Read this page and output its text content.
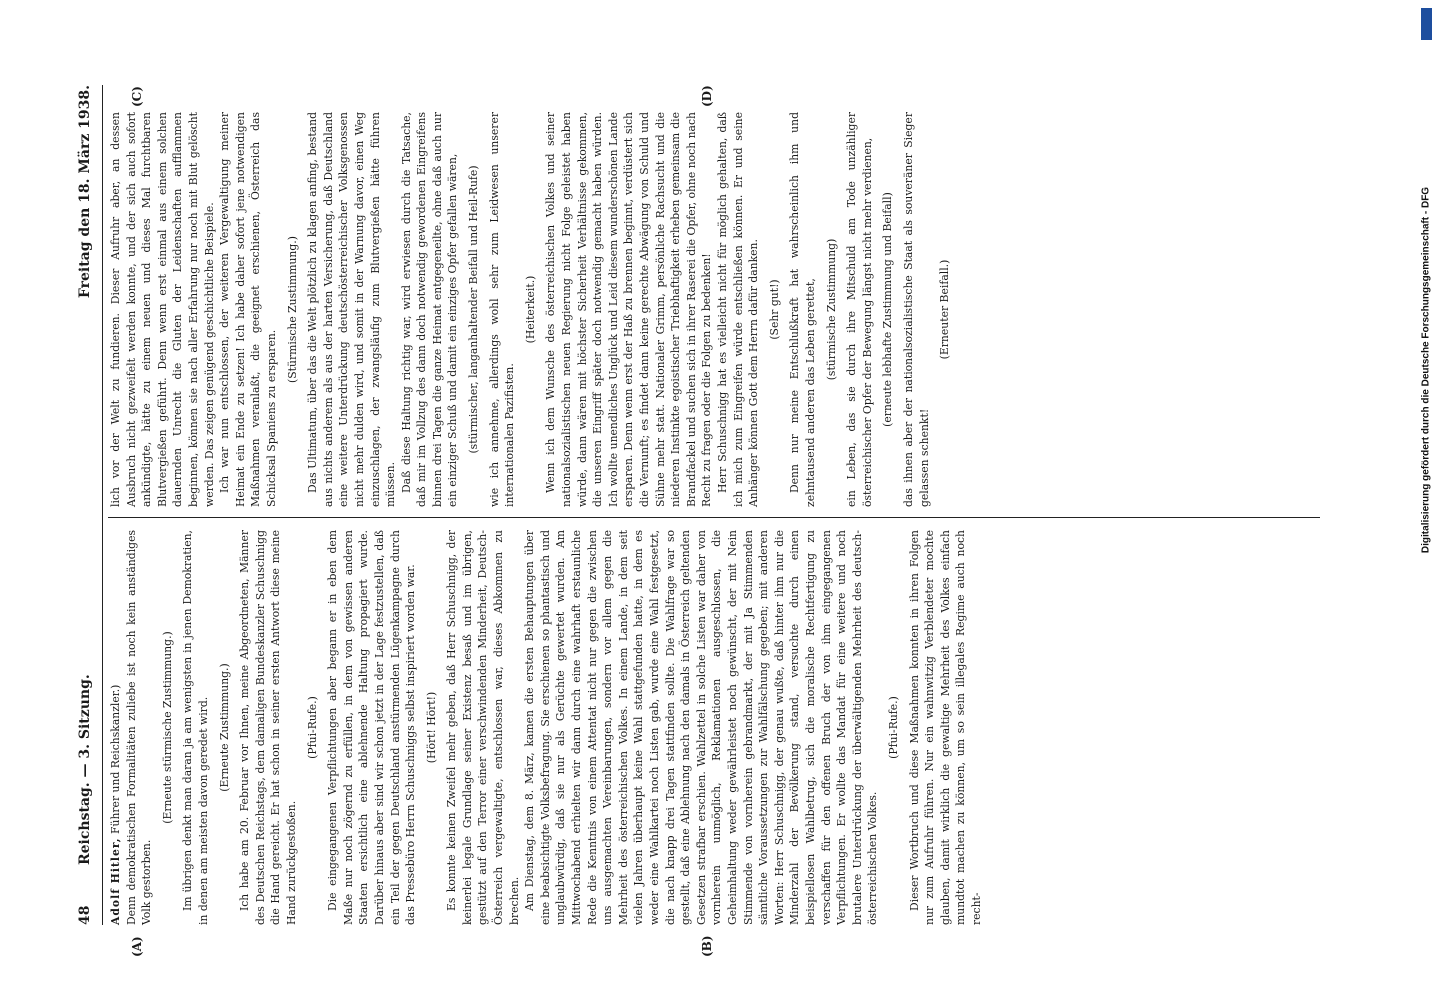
48
Reichstag. — 3. Sitzung.
Freitag den 18. März 1938.

Adolf Hitler, Führer und Reichskanzler.) Denn demokratischen Formalitäten zuliebe ist noch kein anständiges Volk gestorben.

(Erneute stürmische Zustimmung.) Im übrigen denkt man daran ja am wenigsten in jenen Demokratien, in denen am meisten davon geredet wird. (Erneute Zustimmung.) Ich habe am 20. Februar vor Ihnen, meine Abgeordneten, Männer des Deutschen Reichstags, dem damaligen Bundeskanzler Schuschnigg die Hand gereicht. Er hat schon in seiner ersten Antwort diese meine Hand zurückgestoßen.

(Pfui-Rufe.) Die eingegangenen Verpflichtungen aber begann er in eben dem Maße nur noch zögernd zu erfüllen, in dem von gewissen anderen Staaten ersichtlich eine ablehnende Haltung propagiert wurde. Darüber hinaus aber sind wir schon jetzt in der Lage festzustellen, daß ein Teil der gegen Deutschland anstürmenden Lügenkampagne durch das Pressebüro Herrn Schuschniggs selbst inspiriert worden war. (Hört! Hört!) Es konnte keinen Zweifel mehr geben, daß Herr Schuschnigg, der keinerlei legale Grundlage seiner Existenz besaß und im übrigen, gestützt auf den Terror einer verschwindenden Minderheit, Deutsch-Österreich vergewaltigte, entschlossen war, dieses Abkommen zu brechen. Am Dienstag, dem 8. März, kamen die ersten Behauptungen über eine beabsichtigte Volksbefragung. Sie erschienen so phantastisch und unglaubwürdig, daß sie nur als Gerüchte gewertet wurden. Am Mittwochabend erhielten wir dann durch eine wahrhaft erstaunliche Rede die Kenntnis von einem Attentat nicht nur gegen die zwischen uns ausgemachten Vereinbarungen, sondern vor allem gegen die Mehrheit des österreichischen Volkes. In einem Lande, in dem seit vielen Jahren überhaupt keine Wahl stattgefunden hatte, in dem es weder eine Wahlkartei noch Listen gab, wurde eine Wahl festgesetzt, die nach knapp drei Tagen stattfinden sollte. Die Wahlfrage war so gestellt, daß eine Ablehnung nach den damals in Österreich geltenden Gesetzen strafbar erschien. Wahlzettel in solche Listen war daher von vornherein unmöglich, Reklamationen ausgeschlossen, die Geheimhaltung weder gewährleistet noch gewünscht, der mit Nein Stimmende von vornherein gebrandmarkt, der mit Ja Stimmenden sämtliche Voraussetzungen zur Wahlfälschung gegeben; mit anderen Worten: Herr Schuschnigg, der genau wußte, daß hinter ihm nur die Minderzahl der Bevölkerung stand, versuchte durch einen beispiellosen Wahlbetrug, sich die moralische Rechtfertigung zu verschaffen für den offenen Bruch der von ihm eingegangenen Verpflichtungen. Er wollte das Mandat für eine weitere und noch brutalere Unterdrückung der überwältigenden Mehrheit des deutsch-österreichischen Volkes.

(Pfui-Rufe.) Dieser Wortbruch und diese Maßnahmen konnten in ihren Folgen nur zum Aufruhr führen. Nur ein wahnwitzig Verblendeter mochte glauben, damit wirklich die gewaltige Mehrheit des Volkes einfach mundtot machen zu können, um so sein illegales Regime auch noch recht-

lich vor der Welt zu fundieren. Dieser Aufruhr aber, an dessen Ausbruch nicht gezweifelt werden konnte, und der sich auch sofort ankündigte, hätte zu einem neuen und dieses Mal furchtbaren Blutvergießen geführt. Denn wenn erst einmal aus einem solchen dauernden Unrecht die Gluten der Leidenschaften aufflammen beginnen, können sie nach aller Erfahrung nur noch mit Blut gelöscht werden. Das zeigen genügend geschichtliche Beispiele. Ich war nun entschlossen, der weiteren Vergewaltigung meiner Heimat ein Ende zu setzen! Ich habe daher sofort jene notwendigen Maßnahmen veranlaßt, die geeignet erschienen, Österreich das Schicksal Spaniens zu ersparen.

(Stürmische Zustimmung.) Das Ultimatum, über das die Welt plötzlich zu klagen anfing, bestand aus nichts anderem als aus der harten Versicherung, daß Deutschland eine weitere Unterdrückung deutschösterreichischer Volksgenossen nicht mehr dulden wird, und somit in der Warnung davor, einen Weg einzuschlagen, der zwangsläufig zum Blutvergießen hätte führen müssen. Daß diese Haltung richtig war, wird erwiesen durch die Tatsache, daß mir im Vollzug des dann doch notwendig gewordenen Eingreifens binnen drei Tagen die ganze Heimat entgegeneilte, ohne daß auch nur ein einziger Schuß und damit ein einziges Opfer gefallen wären, (stürmischer, langanhaltender Beifall und Heil-Rufe) wie ich annehme, allerdings wohl sehr zum Leidwesen unserer internationalen Pazifisten.

(Heiterkeit.) Wenn ich dem Wunsche des österreichischen Volkes und seiner nationalsozialistischen neuen Regierung nicht Folge geleistet haben würde, dann wären mit höchster Sicherheit Verhältnisse gekommen, die unseren Eingriff später doch notwendig gemacht haben würden. Ich wollte unendliches Unglück und Leid diesem wunderschönen Lande ersparen. Denn wenn erst der Haß zu brennen beginnt, verdüstert sich die Vernunft; es findet dann keine gerechte Abwägung von Schuld und Sühne mehr statt. Nationaler Grimm, persönliche Rachsucht und die niederen Instinkte egoistischer Triebhaftigkeit erheben gemeinsam die Brandfackel und suchen sich in ihrer Raserei die Opfer, ohne noch nach Recht zu fragen oder die Folgen zu bedenken! Herr Schuschnigg hat es vielleicht nicht für möglich gehalten, daß ich mich zum Eingreifen würde entschließen können. Er und seine Anhänger können Gott dem Herrn dafür danken. (Sehr gut!) Denn nur meine Entschlußkraft hat wahrscheinlich ihm und zehntausend anderen das Leben gerettet, (stürmische Zustimmung) ein Leben, das sie durch ihre Mitschuld am Tode unzähliger österreichischer Opfer der Bewegung längst nicht mehr verdienen, (erneute lebhafte Zustimmung und Beifall) das ihnen aber der nationalsozialistische Staat als souveräner Sieger gelassen schenkt!

(Erneuter Beifall.)

(A)	(B)
(C)	(D)
Digitalisierung gefördert durch die Deutsche Forschungsgemeinschaft - DFG
